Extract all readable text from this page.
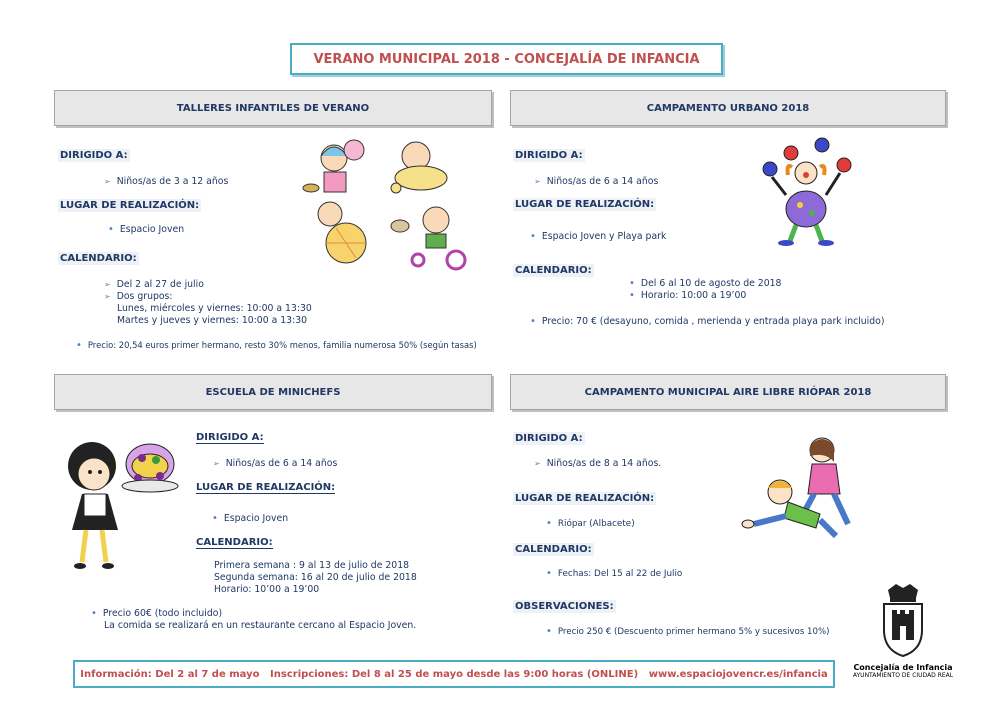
VERANO MUNICIPAL 2018 - CONCEJALÍA DE INFANCIA
TALLERES INFANTILES DE VERANO
DIRIGIDO A:
➢ Niños/as de 3 a 12 años
LUGAR DE REALIZACIÓN:
• Espacio Joven
CALENDARIO:
➢ Del 2 al 27 de julio
➢ Dos grupos:
Lunes, miércoles y viernes: 10:00 a 13:30
Martes y jueves y viernes: 10:00 a 13:30
• Precio: 20,54 euros primer hermano, resto 30% menos, familia numerosa 50% (según tasas)
CAMPAMENTO URBANO 2018
DIRIGIDO A:
➢ Niños/as de 6 a 14 años
LUGAR DE REALIZACIÓN:
• Espacio Joven y Playa park
CALENDARIO:
• Del 6 al 10 de agosto de 2018
• Horario: 10:00 a 19’00
• Precio: 70 € (desayuno, comida , merienda y entrada playa park incluido)
ESCUELA DE MINICHEFS
DIRIGIDO A:
➢ Niños/as de 6 a 14 años
LUGAR DE REALIZACIÓN:
• Espacio Joven
CALENDARIO:
Primera semana : 9 al 13 de julio de 2018
Segunda semana: 16 al 20 de julio de 2018
Horario: 10’00 a 19’00
• Precio 60€ (todo incluido)
La comida se realizará en un restaurante cercano al Espacio Joven.
CAMPAMENTO MUNICIPAL AIRE LIBRE RIÓPAR 2018
DIRIGIDO A:
➢ Niños/as de 8 a 14 años.
LUGAR DE REALIZACIÓN:
• Riópar (Albacete)
CALENDARIO:
• Fechas: Del 15 al 22 de Julio
OBSERVACIONES:
• Precio 250 € (Descuento primer hermano 5% y sucesivos 10%)
Concejalía de Infancia
AYUNTAMIENTO DE CIUDAD REAL
Información: Del 2 al 7 de mayo Inscripciones: Del 8 al 25 de mayo desde las 9:00 horas (ONLINE) www.espaciojovencr.es/infancia
